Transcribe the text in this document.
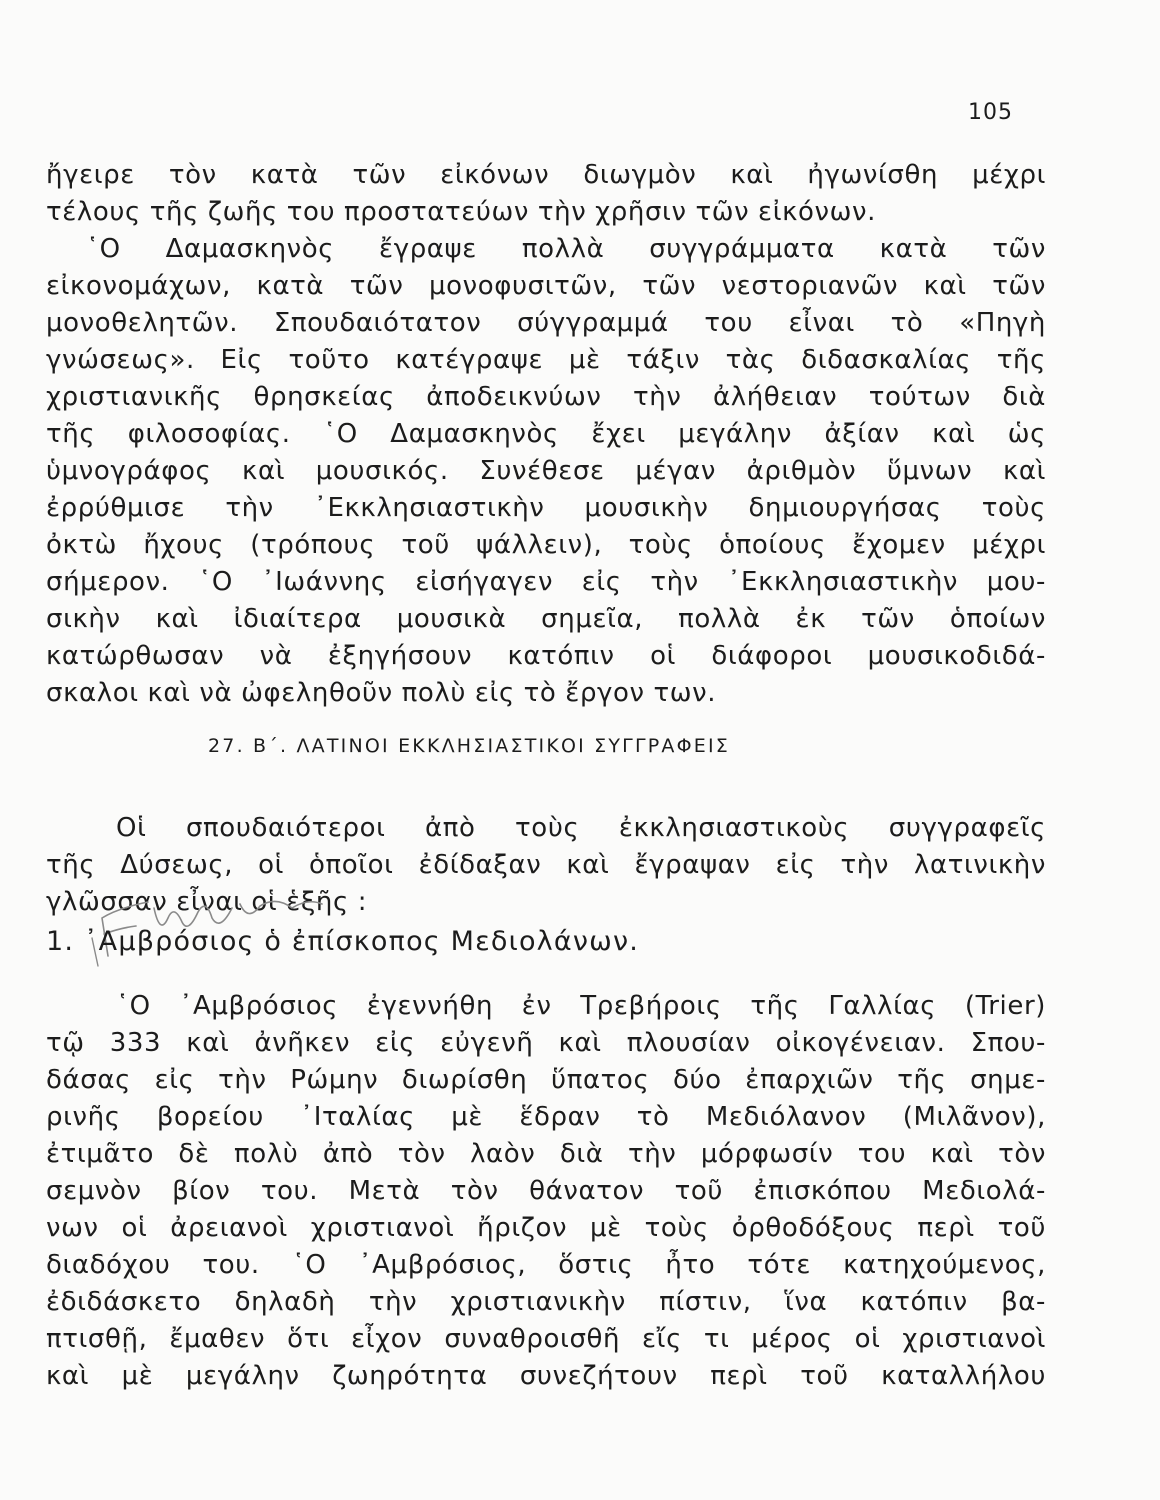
105
ἤγειρε τὸν κατὰ τῶν εἰκόνων διωγμὸν καὶ ἠγωνίσθη μέχρι
τέλους τῆς ζωῆς του προστατεύων τὴν χρῆσιν τῶν εἰκόνων.
῾Ο Δαμασκηνὸς ἔγραψε πολλὰ συγγράμματα κατὰ τῶν
εἰκονομάχων, κατὰ τῶν μονοφυσιτῶν, τῶν νεστοριανῶν καὶ τῶν
μονοθελητῶν. Σπουδαιότατον σύγγραμμά του εἶναι τὸ «Πηγὴ
γνώσεως». Εἰς τοῦτο κατέγραψε μὲ τάξιν τὰς διδασκαλίας τῆς
χριστιανικῆς θρησκείας ἀποδεικνύων τὴν ἀλήθειαν τούτων διὰ
τῆς φιλοσοφίας. ῾Ο Δαμασκηνὸς ἔχει μεγάλην ἀξίαν καὶ ὡς
ὑμνογράφος καὶ μουσικός. Συνέθεσε μέγαν ἀριθμὸν ὕμνων καὶ
ἐρρύθμισε τὴν ᾿Εκκλησιαστικὴν μουσικὴν δημιουργήσας τοὺς
ὀκτὼ ἤχους (τρόπους τοῦ ψάλλειν), τοὺς ὁποίους ἔχομεν μέχρι
σήμερον. ῾Ο ᾿Ιωάννης εἰσήγαγεν εἰς τὴν ᾿Εκκλησιαστικὴν μου-
σικὴν καὶ ἰδιαίτερα μουσικὰ σημεῖα, πολλὰ ἐκ τῶν ὁποίων
κατώρθωσαν νὰ ἐξηγήσουν κατόπιν οἱ διάφοροι μουσικοδιδά-
σκαλοι καὶ νὰ ὠφεληθοῦν πολὺ εἰς τὸ ἔργον των.
27. Β΄. ΛΑΤΙΝΟΙ ΕΚΚΛΗΣΙΑΣΤΙΚΟΙ ΣΥΓΓΡΑΦΕΙΣ
Οἱ σπουδαιότεροι ἀπὸ τοὺς ἐκκλησιαστικοὺς συγγραφεῖς
τῆς Δύσεως, οἱ ὁποῖοι ἐδίδαξαν καὶ ἔγραψαν εἰς τὴν λατινικὴν
γλῶσσαν εἶναι οἱ ἑξῆς :
1. ᾿Αμβρόσιος ὁ ἐπίσκοπος Μεδιολάνων.
῾Ο ᾿Αμβρόσιος ἐγεννήθη ἐν Τρεβήροις τῆς Γαλλίας (Trier)
τῷ 333 καὶ ἀνῆκεν εἰς εὐγενῆ καὶ πλουσίαν οἰκογένειαν. Σπου-
δάσας εἰς τὴν Ρώμην διωρίσθη ὕπατος δύο ἐπαρχιῶν τῆς σημε-
ρινῆς βορείου ᾿Ιταλίας μὲ ἕδραν τὸ Μεδιόλανον (Μιλᾶνον),
ἐτιμᾶτο δὲ πολὺ ἀπὸ τὸν λαὸν διὰ τὴν μόρφωσίν του καὶ τὸν
σεμνὸν βίον του. Μετὰ τὸν θάνατον τοῦ ἐπισκόπου Μεδιολά-
νων οἱ ἀρειανοὶ χριστιανοὶ ἤριζον μὲ τοὺς ὀρθοδόξους περὶ τοῦ
διαδόχου του. ῾Ο ᾿Αμβρόσιος, ὅστις ἦτο τότε κατηχούμενος,
ἐδιδάσκετο δηλαδὴ τὴν χριστιανικὴν πίστιν, ἵνα κατόπιν βα-
πτισθῇ, ἔμαθεν ὅτι εἶχον συναθροισθῆ εἴς τι μέρος οἱ χριστιανοὶ
καὶ μὲ μεγάλην ζωηρότητα συνεζήτουν περὶ τοῦ καταλλήλου
